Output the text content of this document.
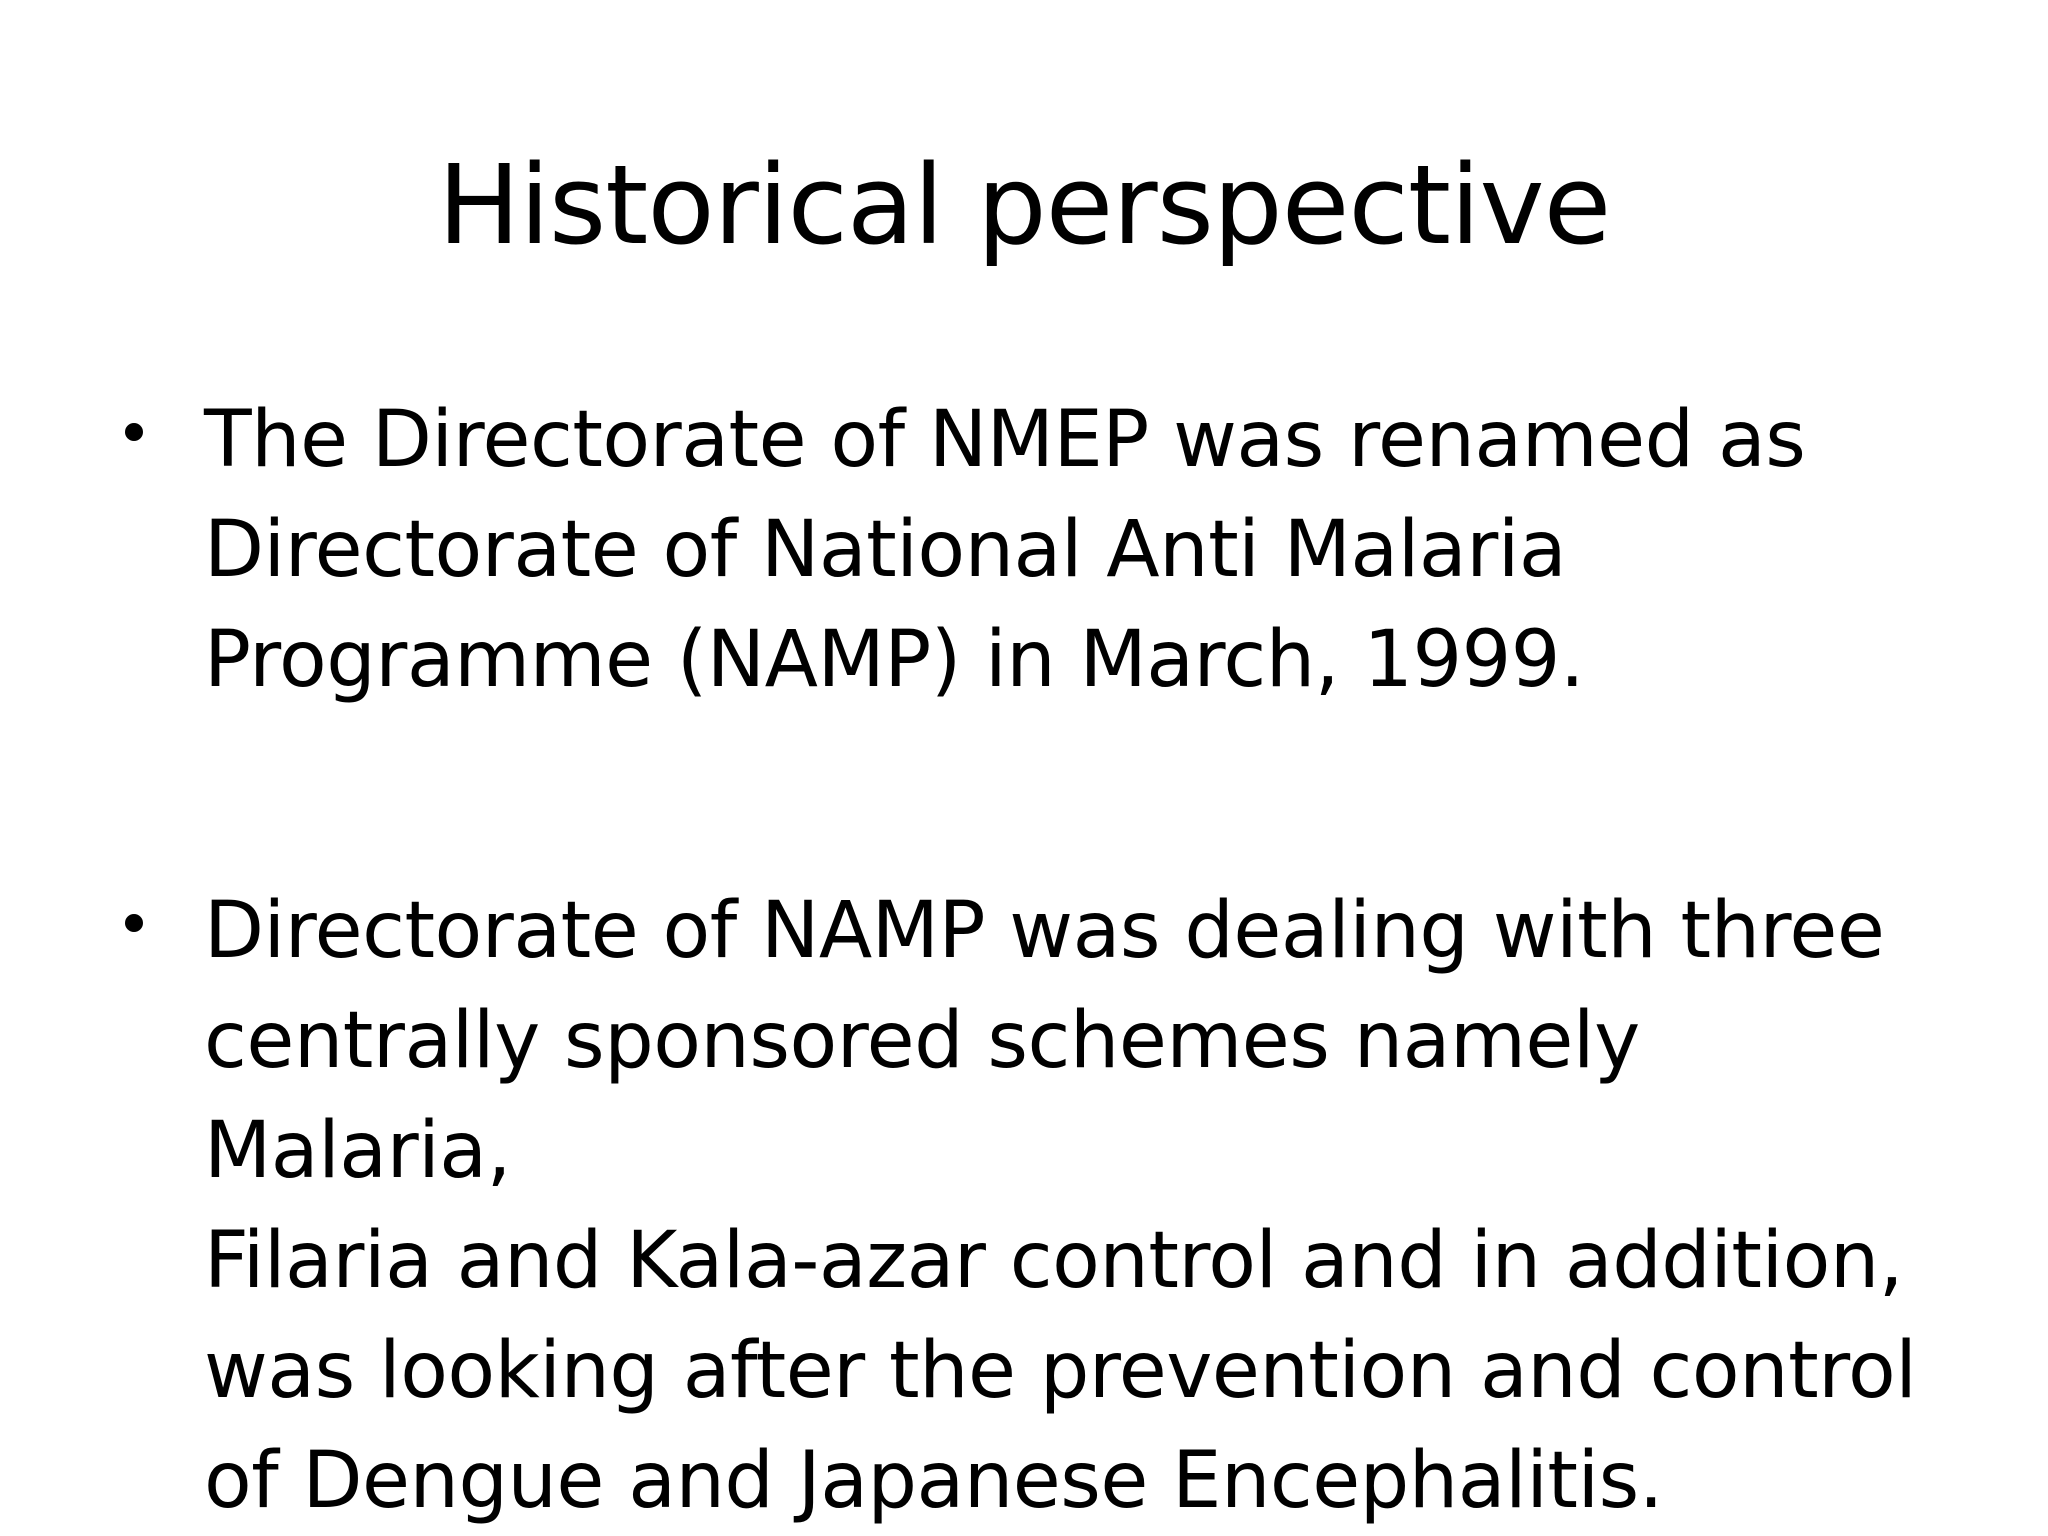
Historical perspective
The Directorate of NMEP was renamed as
Directorate of National Anti Malaria
Programme (NAMP) in March, 1999.
Directorate of NAMP was dealing with three
centrally sponsored schemes namely Malaria,
Filaria and Kala-azar control and in addition,
was looking after the prevention and control
of Dengue and Japanese Encephalitis.
